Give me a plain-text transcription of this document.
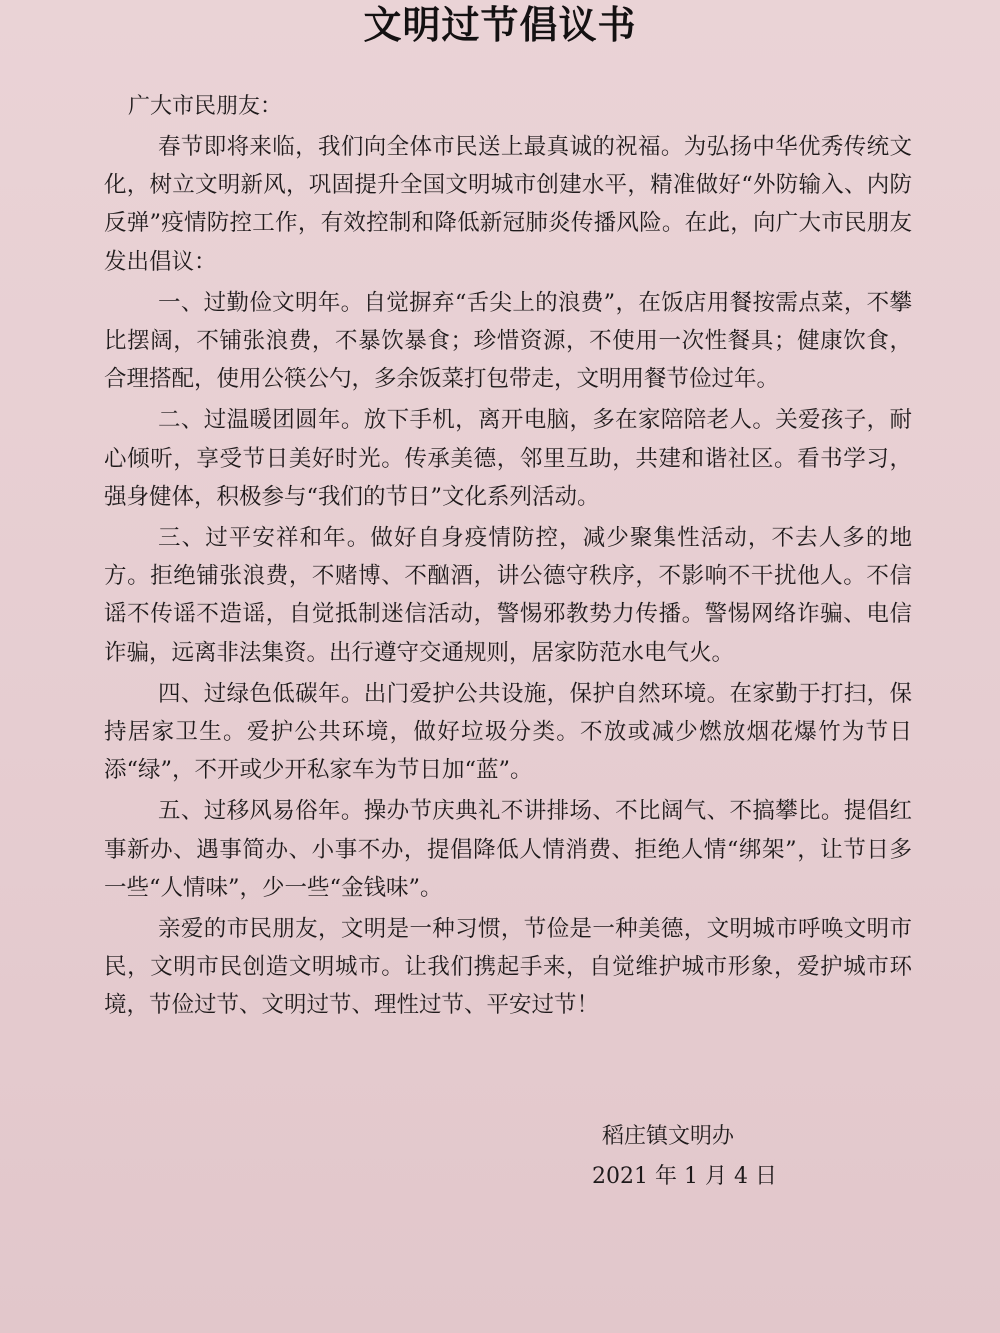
文明过节倡议书
广大市民朋友：

春节即将来临，我们向全体市民送上最真诚的祝福。为弘扬中华优秀传统文化，树立文明新风，巩固提升全国文明城市创建水平，精准做好“外防输入、内防反弹”疫情防控工作，有效控制和降低新冠肺炎传播风险。在此，向广大市民朋友发出倡议：

一、过勤俭文明年。自觉摒弃“舌尖上的浪费”，在饭店用餐按需点菜，不攀比摆阔，不铺张浪费，不暴饮暴食；珍惜资源，不使用一次性餐具；健康饮食，合理搭配，使用公筷公勺，多余饭菜打包带走，文明用餐节俭过年。

二、过温暖团圆年。放下手机，离开电脑，多在家陪陪老人。关爱孩子，耐心倾听，享受节日美好时光。传承美德，邻里互助，共建和谐社区。看书学习，强身健体，积极参与“我们的节日”文化系列活动。

三、过平安祥和年。做好自身疫情防控，减少聚集性活动，不去人多的地方。拒绝铺张浪费，不赌博、不酗酒，讲公德守秩序，不影响不干扰他人。不信谣不传谣不造谣，自觉抵制迷信活动，警惕邪教势力传播。警惕网络诈骗、电信诈骗，远离非法集资。出行遵守交通规则，居家防范水电气火。

四、过绿色低碳年。出门爱护公共设施，保护自然环境。在家勤于打扫，保持居家卫生。爱护公共环境，做好垃圾分类。不放或减少燃放烟花爆竹为节日添“绿”，不开或少开私家车为节日加“蓝”。

五、过移风易俗年。操办节庆典礼不讲排场、不比阔气、不搞攀比。提倡红事新办、遇事简办、小事不办，提倡降低人情消费、拒绝人情“绑架”，让节日多一些“人情味”，少一些“金钱味”。

亲爱的市民朋友，文明是一种习惯，节俭是一种美德，文明城市呼唤文明市民，文明市民创造文明城市。让我们携起手来，自觉维护城市形象，爱护城市环境，节俭过节、文明过节、理性过节、平安过节！

稻庄镇文明办
2021 年 1 月 4 日
